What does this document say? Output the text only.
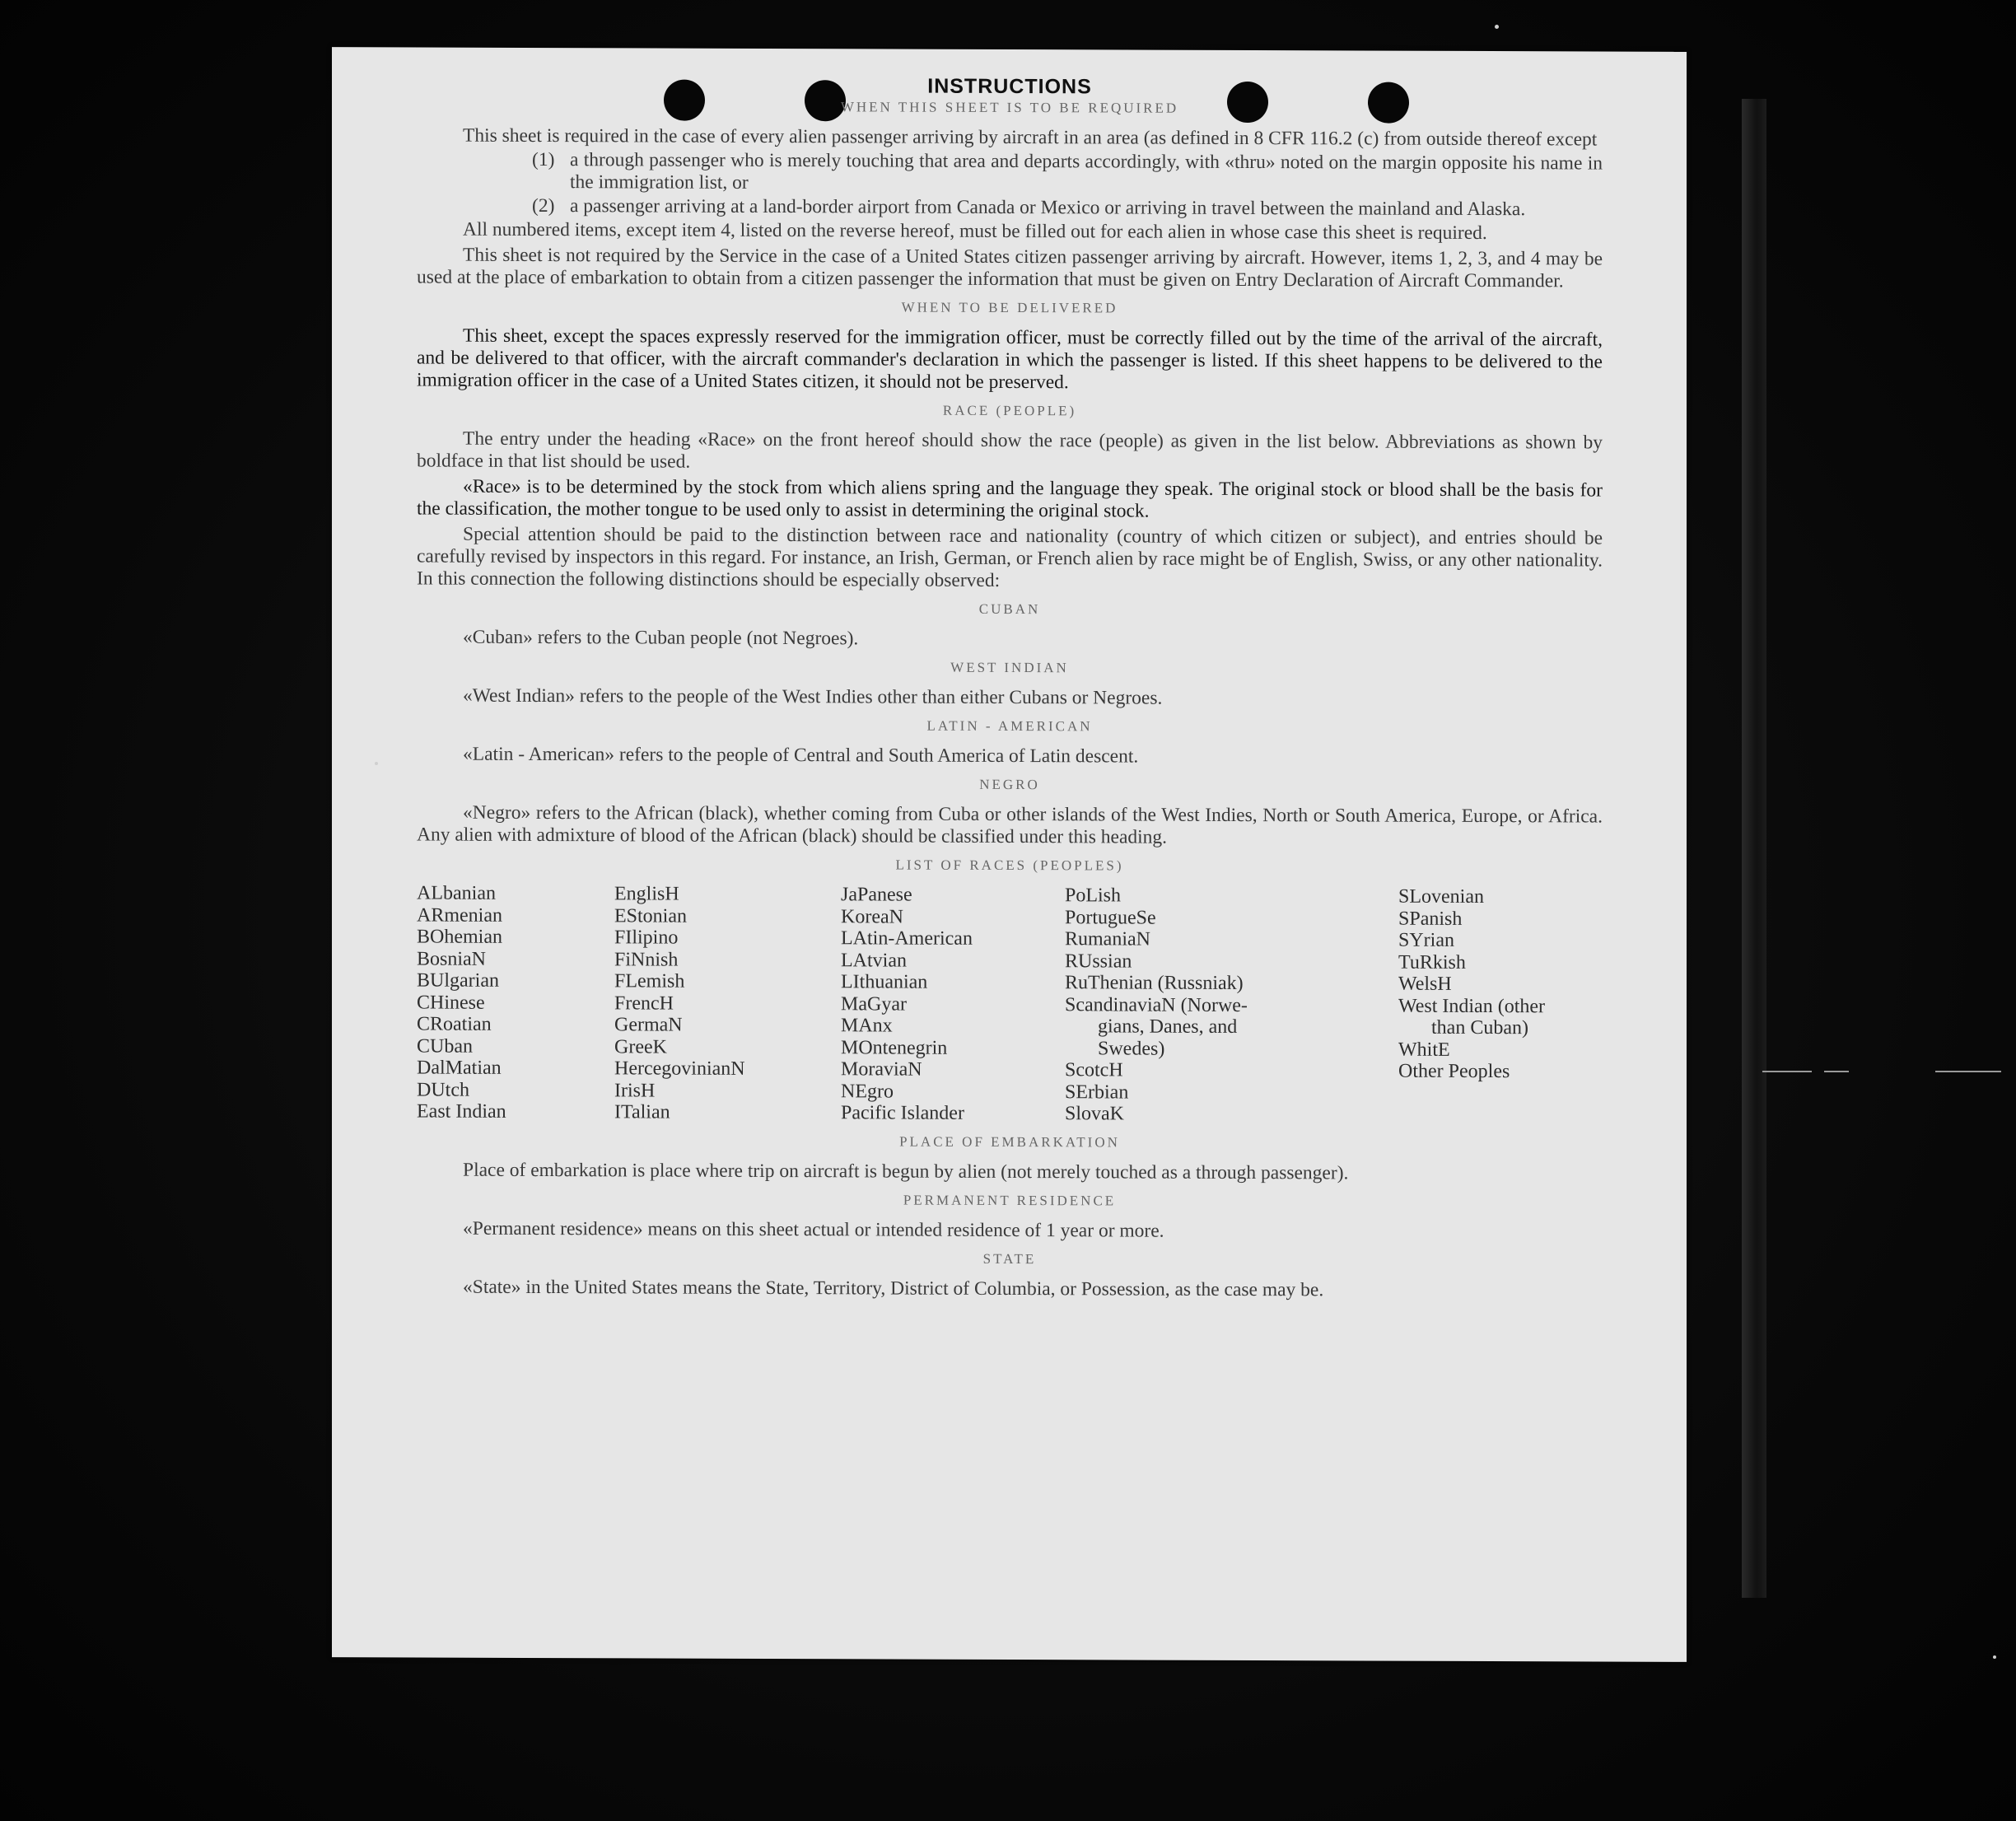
INSTRUCTIONS
WHEN THIS SHEET IS TO BE REQUIRED

This sheet is required in the case of every alien passenger arriving by aircraft in an area (as defined in 8 CFR 116.2 (c) from outside thereof except

(1) a through passenger who is merely touching that area and departs accordingly, with «thru» noted on the margin opposite his name in the immigration list, or
(2) a passenger arriving at a land-border airport from Canada or Mexico or arriving in travel between the mainland and Alaska.

All numbered items, except item 4, listed on the reverse hereof, must be filled out for each alien in whose case this sheet is required.

This sheet is not required by the Service in the case of a United States citizen passenger arriving by aircraft. However, items 1, 2, 3, and 4 may be used at the place of embarkation to obtain from a citizen passenger the information that must be given on Entry Declaration of Aircraft Commander.

WHEN TO BE DELIVERED

This sheet, except the spaces expressly reserved for the immigration officer, must be correctly filled out by the time of the arrival of the aircraft, and be delivered to that officer, with the aircraft commander's declaration in which the passenger is listed. If this sheet happens to be delivered to the immigration officer in the case of a United States citizen, it should not be preserved.

RACE (PEOPLE)

The entry under the heading «Race» on the front hereof should show the race (people) as given in the list below. Abbreviations as shown by boldface in that list should be used.

«Race» is to be determined by the stock from which aliens spring and the language they speak. The original stock or blood shall be the basis for the classification, the mother tongue to be used only to assist in determining the original stock.

Special attention should be paid to the distinction between race and nationality (country of which citizen or subject), and entries should be carefully revised by inspectors in this regard. For instance, an Irish, German, or French alien by race might be of English, Swiss, or any other nationality. In this connection the following distinctions should be especially observed:

CUBAN

«Cuban» refers to the Cuban people (not Negroes).

WEST INDIAN

«West Indian» refers to the people of the West Indies other than either Cubans or Negroes.

LATIN - AMERICAN

«Latin - American» refers to the people of Central and South America of Latin descent.

NEGRO

«Negro» refers to the African (black), whether coming from Cuba or other islands of the West Indies, North or South America, Europe, or Africa. Any alien with admixture of blood of the African (black) should be classified under this heading.

LIST OF RACES (PEOPLES)
ALbanian
ARmenian
BOhemian
BosniaN
BUlgarian
CHinese
CRoatian
CUban
DalMatian
DUtch
East Indian
EnglisH
EStonian
FIlipino
FiNnish
FLemish
FrencH
GermaN
GreeK
HercegovinianN
IrisH
ITalian
JaPanese
KoreaN
LAtin-American
LAtvian
LIthuanian
MaGyar
MAnx
MOntenegrin
MoraviaN
NEgro
Pacific Islander
PoLish
PortugueSe
RumaniaN
RUssian
RuThenian (Russniak)
ScandinaviaN (Norwe-
gians, Danes, and
Swedes)
ScotcH
SErbian
SlovaK
SLovenian
SPanish
SYrian
TuRkish
WelsH
West Indian (other
than Cuban)
WhitE
Other Peoples
PLACE OF EMBARKATION

Place of embarkation is place where trip on aircraft is begun by alien (not merely touched as a through passenger).

PERMANENT RESIDENCE

«Permanent residence» means on this sheet actual or intended residence of 1 year or more.

STATE

«State» in the United States means the State, Territory, District of Columbia, or Possession, as the case may be.
